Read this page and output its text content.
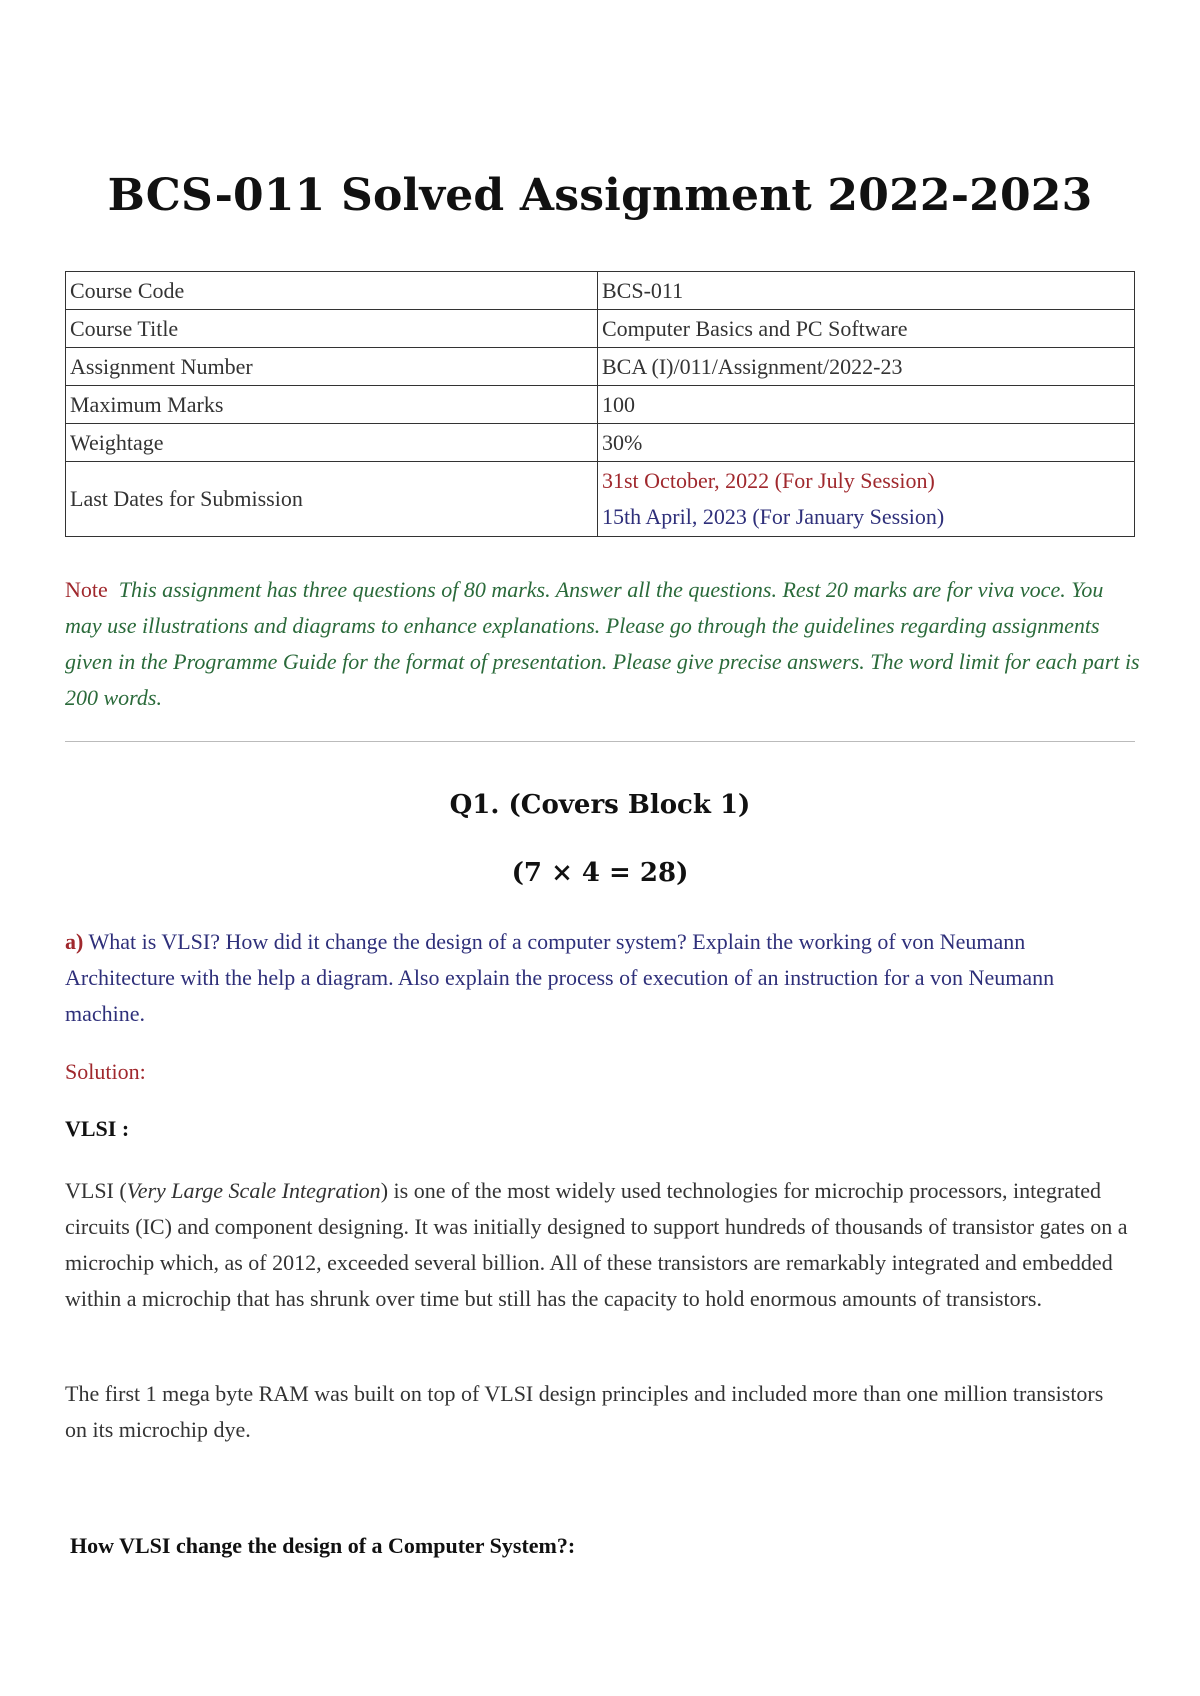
BCS-011 Solved Assignment 2022-2023
Course Code	BCS-011
Course Title	Computer Basics and PC Software
Assignment Number	BCA (I)/011/Assignment/2022-23
Maximum Marks	100
Weightage	30%
Last Dates for Submission	31st October, 2022 (For July Session)
15th April, 2023 (For January Session)

Note This assignment has three questions of 80 marks. Answer all the questions. Rest 20 marks are for viva voce. You may use illustrations and diagrams to enhance explanations. Please go through the guidelines regarding assignments given in the Programme Guide for the format of presentation. Please give precise answers. The word limit for each part is 200 words.

Q1. (Covers Block 1)
(7 × 4 = 28)

a) What is VLSI? How did it change the design of a computer system? Explain the working of von Neumann Architecture with the help a diagram. Also explain the process of execution of an instruction for a von Neumann machine.

Solution:

VLSI :

VLSI (Very Large Scale Integration) is one of the most widely used technologies for microchip processors, integrated circuits (IC) and component designing. It was initially designed to support hundreds of thousands of transistor gates on a microchip which, as of 2012, exceeded several billion. All of these transistors are remarkably integrated and embedded within a microchip that has shrunk over time but still has the capacity to hold enormous amounts of transistors.

The first 1 mega byte RAM was built on top of VLSI design principles and included more than one million transistors on its microchip dye.

How VLSI change the design of a Computer System?:
